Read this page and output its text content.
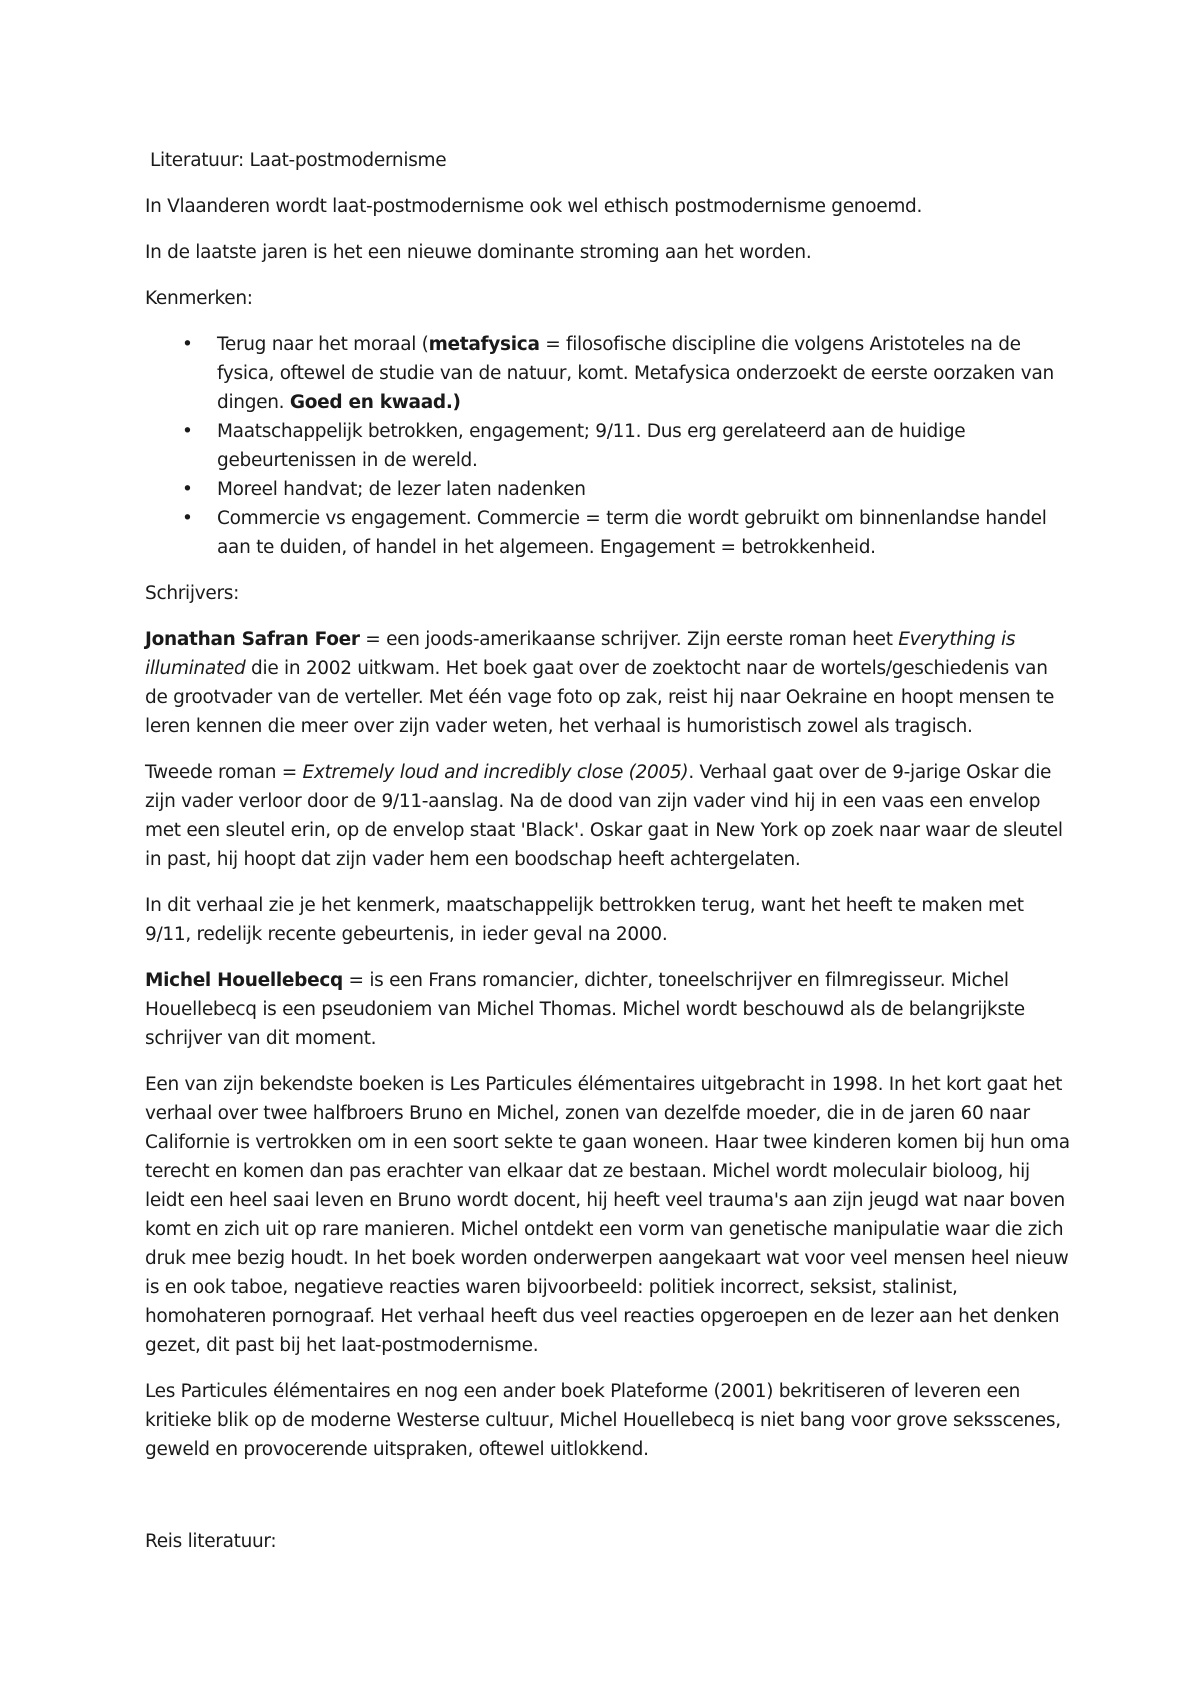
Literatuur: Laat-postmodernisme

In Vlaanderen wordt laat-postmodernisme ook wel ethisch postmodernisme genoemd.

In de laatste jaren is het een nieuwe dominante stroming aan het worden.

Kenmerken:

• Terug naar het moraal (metafysica = filosofische discipline die volgens Aristoteles na de fysica, oftewel de studie van de natuur, komt. Metafysica onderzoekt de eerste oorzaken van dingen. Goed en kwaad.)
• Maatschappelijk betrokken, engagement; 9/11. Dus erg gerelateerd aan de huidige gebeurtenissen in de wereld.
• Moreel handvat; de lezer laten nadenken
• Commercie vs engagement. Commercie = term die wordt gebruikt om binnenlandse handel aan te duiden, of handel in het algemeen. Engagement = betrokkenheid.

Schrijvers:

Jonathan Safran Foer = een joods-amerikaanse schrijver. Zijn eerste roman heet Everything is illuminated die in 2002 uitkwam. Het boek gaat over de zoektocht naar de wortels/geschiedenis van de grootvader van de verteller. Met één vage foto op zak, reist hij naar Oekraine en hoopt mensen te leren kennen die meer over zijn vader weten, het verhaal is humoristisch zowel als tragisch.

Tweede roman = Extremely loud and incredibly close (2005). Verhaal gaat over de 9-jarige Oskar die zijn vader verloor door de 9/11-aanslag. Na de dood van zijn vader vind hij in een vaas een envelop met een sleutel erin, op de envelop staat 'Black'. Oskar gaat in New York op zoek naar waar de sleutel in past, hij hoopt dat zijn vader hem een boodschap heeft achtergelaten.

In dit verhaal zie je het kenmerk, maatschappelijk bettrokken terug, want het heeft te maken met 9/11, redelijk recente gebeurtenis, in ieder geval na 2000.

Michel Houellebecq = is een Frans romancier, dichter, toneelschrijver en filmregisseur. Michel Houellebecq is een pseudoniem van Michel Thomas. Michel wordt beschouwd als de belangrijkste schrijver van dit moment.

Een van zijn bekendste boeken is Les Particules élémentaires uitgebracht in 1998. In het kort gaat het verhaal over twee halfbroers Bruno en Michel, zonen van dezelfde moeder, die in de jaren 60 naar Californie is vertrokken om in een soort sekte te gaan woneen. Haar twee kinderen komen bij hun oma terecht en komen dan pas erachter van elkaar dat ze bestaan. Michel wordt moleculair bioloog, hij leidt een heel saai leven en Bruno wordt docent, hij heeft veel trauma's aan zijn jeugd wat naar boven komt en zich uit op rare manieren. Michel ontdekt een vorm van genetische manipulatie waar die zich druk mee bezig houdt. In het boek worden onderwerpen aangekaart wat voor veel mensen heel nieuw is en ook taboe, negatieve reacties waren bijvoorbeeld: politiek incorrect, seksist, stalinist, homohateren pornograaf. Het verhaal heeft dus veel reacties opgeroepen en de lezer aan het denken gezet, dit past bij het laat-postmodernisme.

Les Particules élémentaires en nog een ander boek Plateforme (2001) bekritiseren of leveren een kritieke blik op de moderne Westerse cultuur, Michel Houellebecq is niet bang voor grove seksscenes, geweld en provocerende uitspraken, oftewel uitlokkend.

Reis literatuur:
